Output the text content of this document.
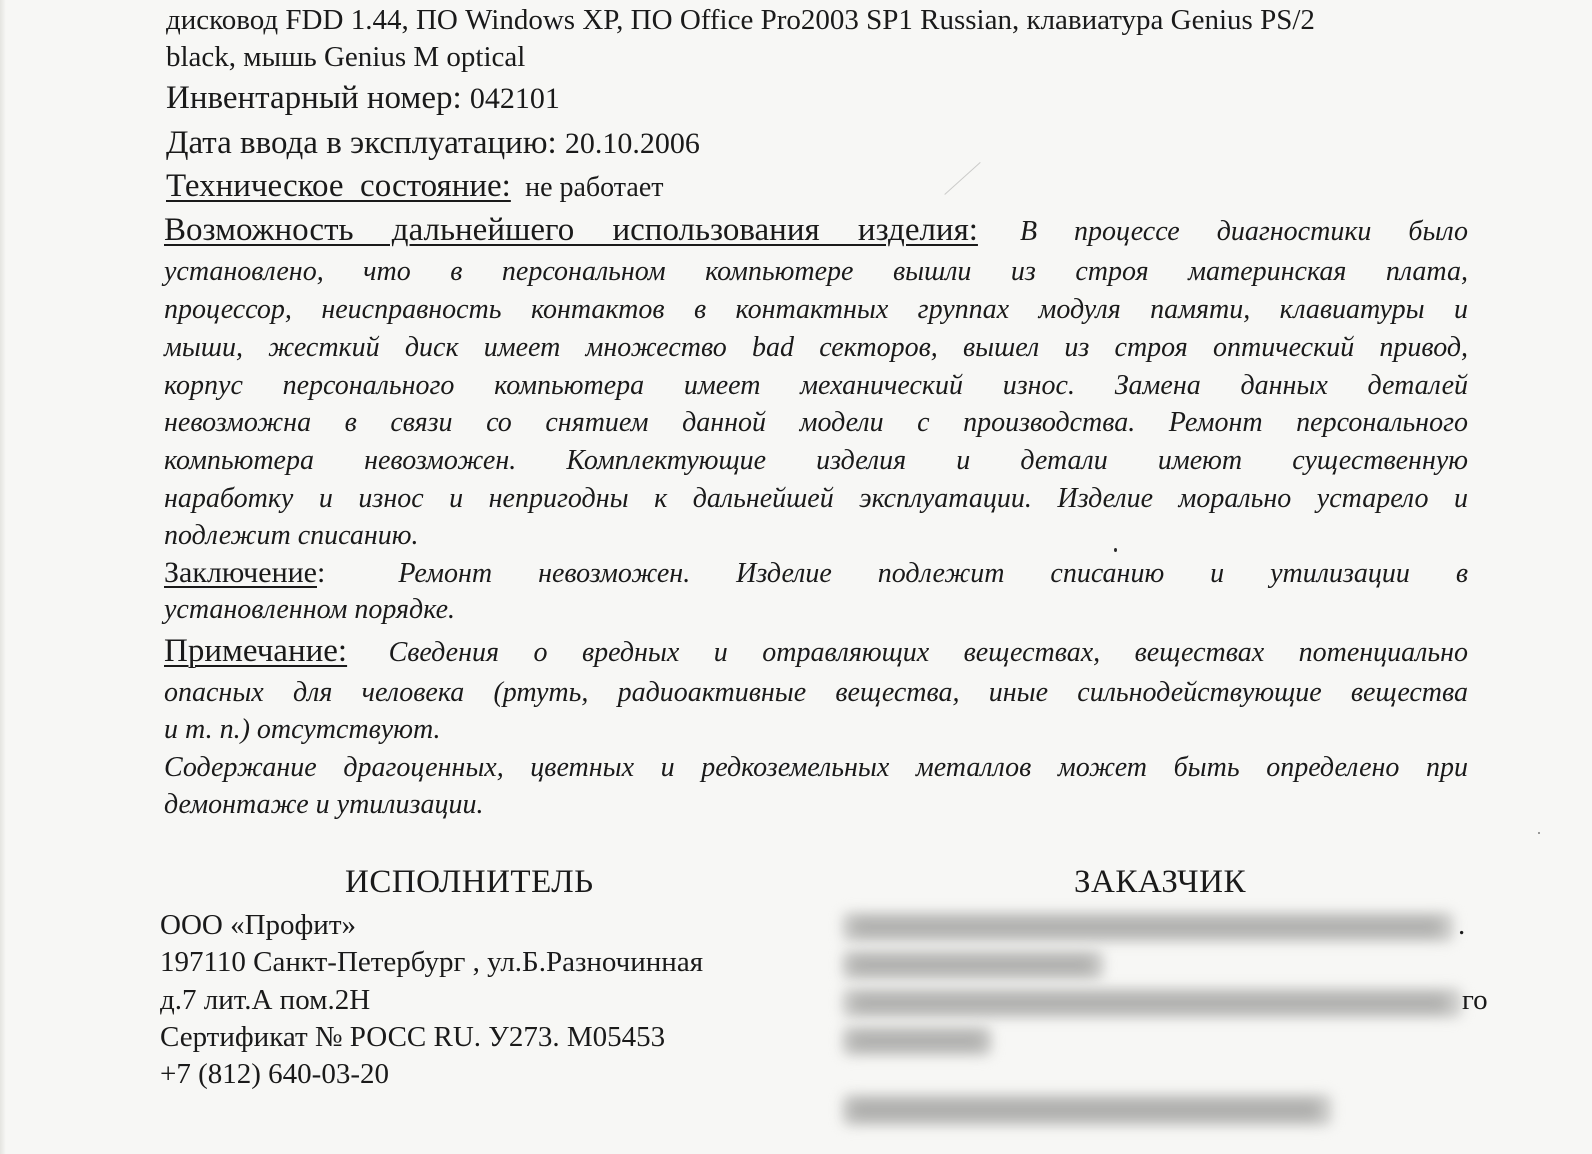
дисковод FDD 1.44, ПО Windows XP, ПО Office Pro2003 SP1 Russian, клавиатура Genius PS/2
black, мышь Genius M optical
Инвентарный номер: 042101
Дата ввода в эксплуатацию: 20.10.2006
Техническое  состояние: не работает
Возможность дальнейшего использования изделия: В процессе диагностики было
установлено, что в персональном компьютере вышли из строя материнская плата,
процессор, неисправность контактов в контактных группах модуля памяти, клавиатуры и
мыши, жесткий диск имеет множество bad секторов, вышел из строя оптический привод,
корпус персонального компьютера имеет механический износ. Замена данных деталей
невозможна в связи со снятием данной модели с производства. Ремонт персонального
компьютера невозможен. Комплектующие изделия и детали имеют существенную
наработку и износ и непригодны к дальнейшей эксплуатации. Изделие морально устарело и
подлежит списанию.
Заключение:	Ремонт невозможен. Изделие подлежит списанию и утилизации в
установленном порядке.
Примечание: Сведения о вредных и отравляющих веществах, веществах потенциально
опасных для человека (ртуть, радиоактивные вещества, иные сильнодействующие вещества
и т. п.) отсутствуют.
Содержание драгоценных, цветных и редкоземельных металлов может быть определено при
демонтаже и утилизации.
ИСПОЛНИТЕЛЬ
ООО «Профит»
197110 Санкт-Петербург , ул.Б.Разночинная
д.7 лит.А пом.2Н
Сертификат № РОСС RU. У273. М05453
+7 (812) 640-03-20
ЗАКАЗЧИК
.
го
